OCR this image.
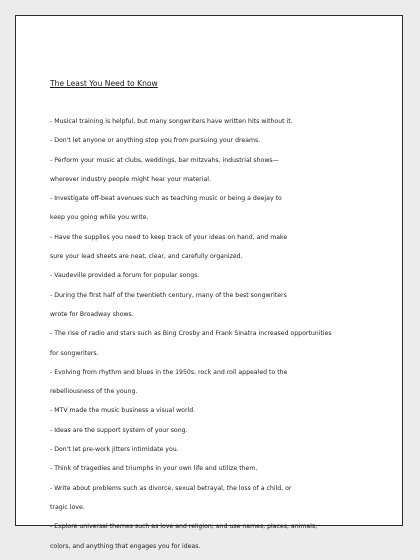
The Least You Need to Know
- Musical training is helpful, but many songwriters have written hits without it.
- Don't let anyone or anything stop you from pursuing your dreams.
- Perform your music at clubs, weddings, bar mitzvahs, industrial shows—
wherever industry people might hear your material.
- Investigate off-beat avenues such as teaching music or being a deejay to
keep you going while you write.
- Have the supplies you need to keep track of your ideas on hand, and make
sure your lead sheets are neat, clear, and carefully organized.
- Vaudeville provided a forum for popular songs.
- During the first half of the twentieth century, many of the best songwriters
wrote for Broadway shows.
- The rise of radio and stars such as Bing Crosby and Frank Sinatra increased opportunities
for songwriters.
- Evolving from rhythm and blues in the 1950s, rock and roll appealed to the
rebelliousness of the young.
- MTV made the music business a visual world.
- Ideas are the support system of your song.
- Don't let pre-work jitters intimidate you.
- Think of tragedies and triumphs in your own life and utilize them.
- Write about problems such as divorce, sexual betrayal, the loss of a child, or
tragic love.
- Explore universal themes such as love and religion; and use names, places, animals,
colors, and anything that engages you for ideas.
